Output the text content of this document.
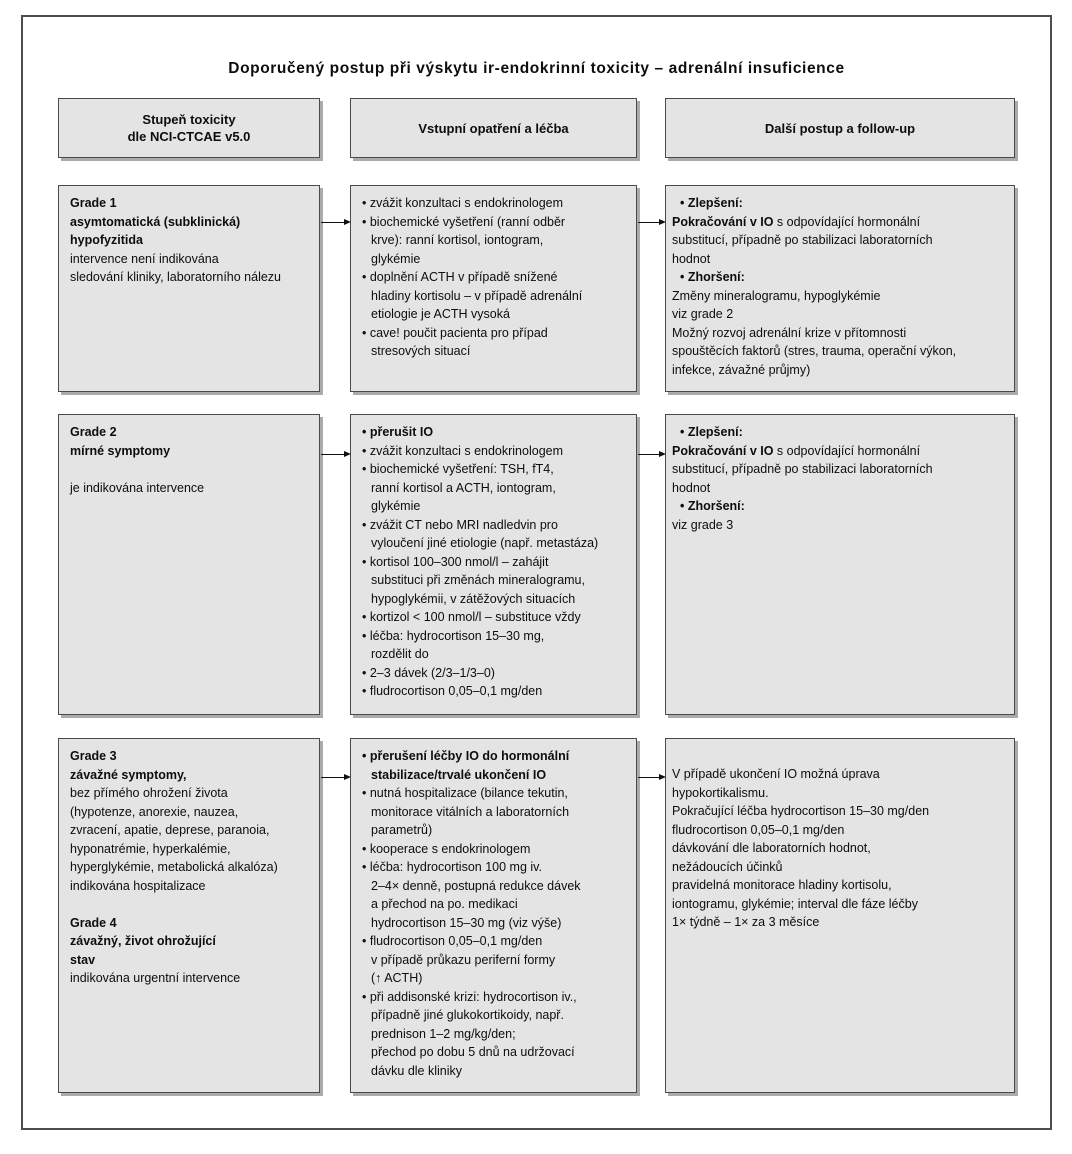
Doporučený postup při výskytu ir-endokrinní toxicity – adrenální insuficience
Stupeň toxicity
dle NCI-CTCAE v5.0
Vstupní opatření a léčba	Další postup a follow-up
Grade 1
asymtomatická (subklinická)
hypofyzitida
intervence není indikována
sledování kliniky, laboratorního nálezu
• zvážit konzultaci s endokrinologem
• biochemické vyšetření (ranní odběr
krve): ranní kortisol, iontogram,
glykémie
• doplnění ACTH v případě snížené
hladiny kortisolu – v případě adrenální
etiologie je ACTH vysoká
• cave! poučit pacienta pro případ
stresových situací
• Zlepšení:
Pokračování v IO s odpovídající hormonální
substitucí, případně po stabilizaci laboratorních
hodnot
• Zhoršení:
Změny mineralogramu, hypoglykémie
viz grade 2
Možný rozvoj adrenální krize v přítomnosti
spouštěcích faktorů (stres, trauma, operační výkon,
infekce, závažné průjmy)
Grade 2
mírné symptomy
je indikována intervence
• přerušit IO
• zvážit konzultaci s endokrinologem
• biochemické vyšetření: TSH, fT4,
ranní kortisol a ACTH, iontogram,
glykémie
• zvážit CT nebo MRI nadledvin pro
vyloučení jiné etiologie (např. metastáza)
• kortisol 100–300 nmol/l – zahájit
substituci při změnách mineralogramu,
hypoglykémii, v zátěžových situacích
• kortizol < 100 nmol/l – substituce vždy
• léčba: hydrocortison 15–30 mg,
rozdělit do
• 2–3 dávek (2/3–1/3–0)
• fludrocortison 0,05–0,1 mg/den
• Zlepšení:
Pokračování v IO s odpovídající hormonální
substitucí, případně po stabilizaci laboratorních
hodnot
• Zhoršení:
viz grade 3
Grade 3
závažné symptomy,
bez přímého ohrožení života
(hypotenze, anorexie, nauzea,
zvracení, apatie, deprese, paranoia,
hyponatrémie, hyperkalémie,
hyperglykémie, metabolická alkalóza)
indikována hospitalizace
Grade 4
závažný, život ohrožující
stav
indikována urgentní intervence
• přerušení léčby IO do hormonální
stabilizace/trvalé ukončení IO
• nutná hospitalizace (bilance tekutin,
monitorace vitálních a laboratorních
parametrů)
• kooperace s endokrinologem
• léčba: hydrocortison 100 mg iv.
2–4× denně, postupná redukce dávek
a přechod na po. medikaci
hydrocortison 15–30 mg (viz výše)
• fludrocortison 0,05–0,1 mg/den
v případě průkazu periferní formy
(↑ ACTH)
• při addisonské krizi: hydrocortison iv.,
případně jiné glukokortikoidy, např.
prednison 1–2 mg/kg/den;
přechod po dobu 5 dnů na udržovací
dávku dle kliniky
V případě ukončení IO možná úprava
hypokortikalismu.
Pokračující léčba hydrocortison 15–30 mg/den
fludrocortison 0,05–0,1 mg/den
dávkování dle laboratorních hodnot,
nežádoucích účinků
pravidelná monitorace hladiny kortisolu,
iontogramu, glykémie; interval dle fáze léčby
1× týdně – 1× za 3 měsíce
